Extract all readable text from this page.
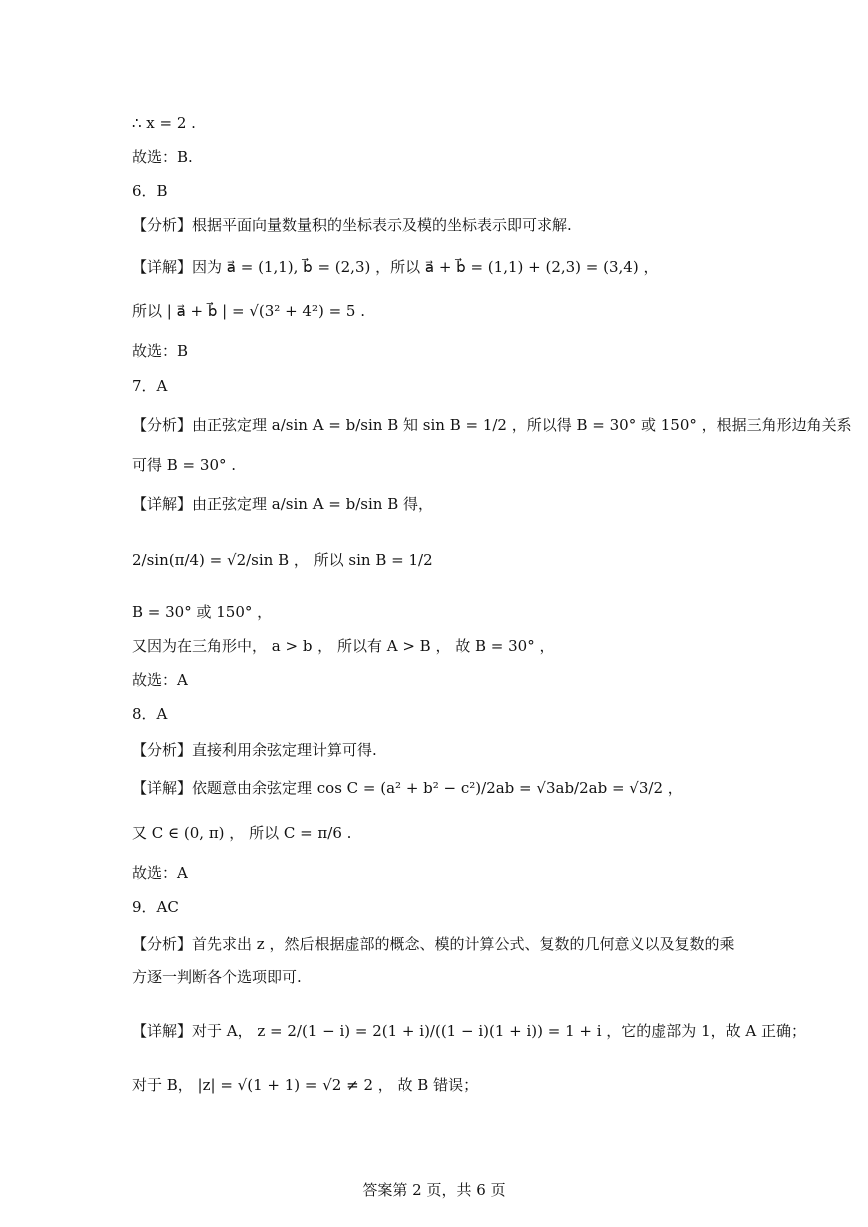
∴ x = 2 .
故选：B.
6．B
【分析】根据平面向量数量积的坐标表示及模的坐标表示即可求解.
【详解】因为 a⃗ = (1,1), b⃗ = (2,3) ，所以 a⃗ + b⃗ = (1,1) + (2,3) = (3,4) ，
所以 | a⃗ + b⃗ | = √(3² + 4²) = 5 .
故选：B
7．A
【分析】由正弦定理 a/sin A = b/sin B 知 sin B = 1/2 ，所以得 B = 30° 或 150° ，根据三角形边角关系
可得 B = 30° .
【详解】由正弦定理 a/sin A = b/sin B 得，
2/sin(π/4) = √2/sin B ， 所以 sin B = 1/2
B = 30° 或 150° ，
又因为在三角形中， a > b ， 所以有 A > B ， 故 B = 30° ，
故选：A
8．A
【分析】直接利用余弦定理计算可得.
【详解】依题意由余弦定理 cos C = (a² + b² − c²)/2ab = √3ab/2ab = √3/2 ，
又 C ∈ (0, π) ， 所以 C = π/6 .
故选：A
9．AC
【分析】首先求出 z ，然后根据虚部的概念、模的计算公式、复数的几何意义以及复数的乘
方逐一判断各个选项即可.
【详解】对于 A， z = 2/(1 − i) = 2(1 + i)/((1 − i)(1 + i)) = 1 + i ，它的虚部为 1，故 A 正确；
对于 B， |z| = √(1 + 1) = √2 ≠ 2 ， 故 B 错误；
答案第 2 页，共 6 页
